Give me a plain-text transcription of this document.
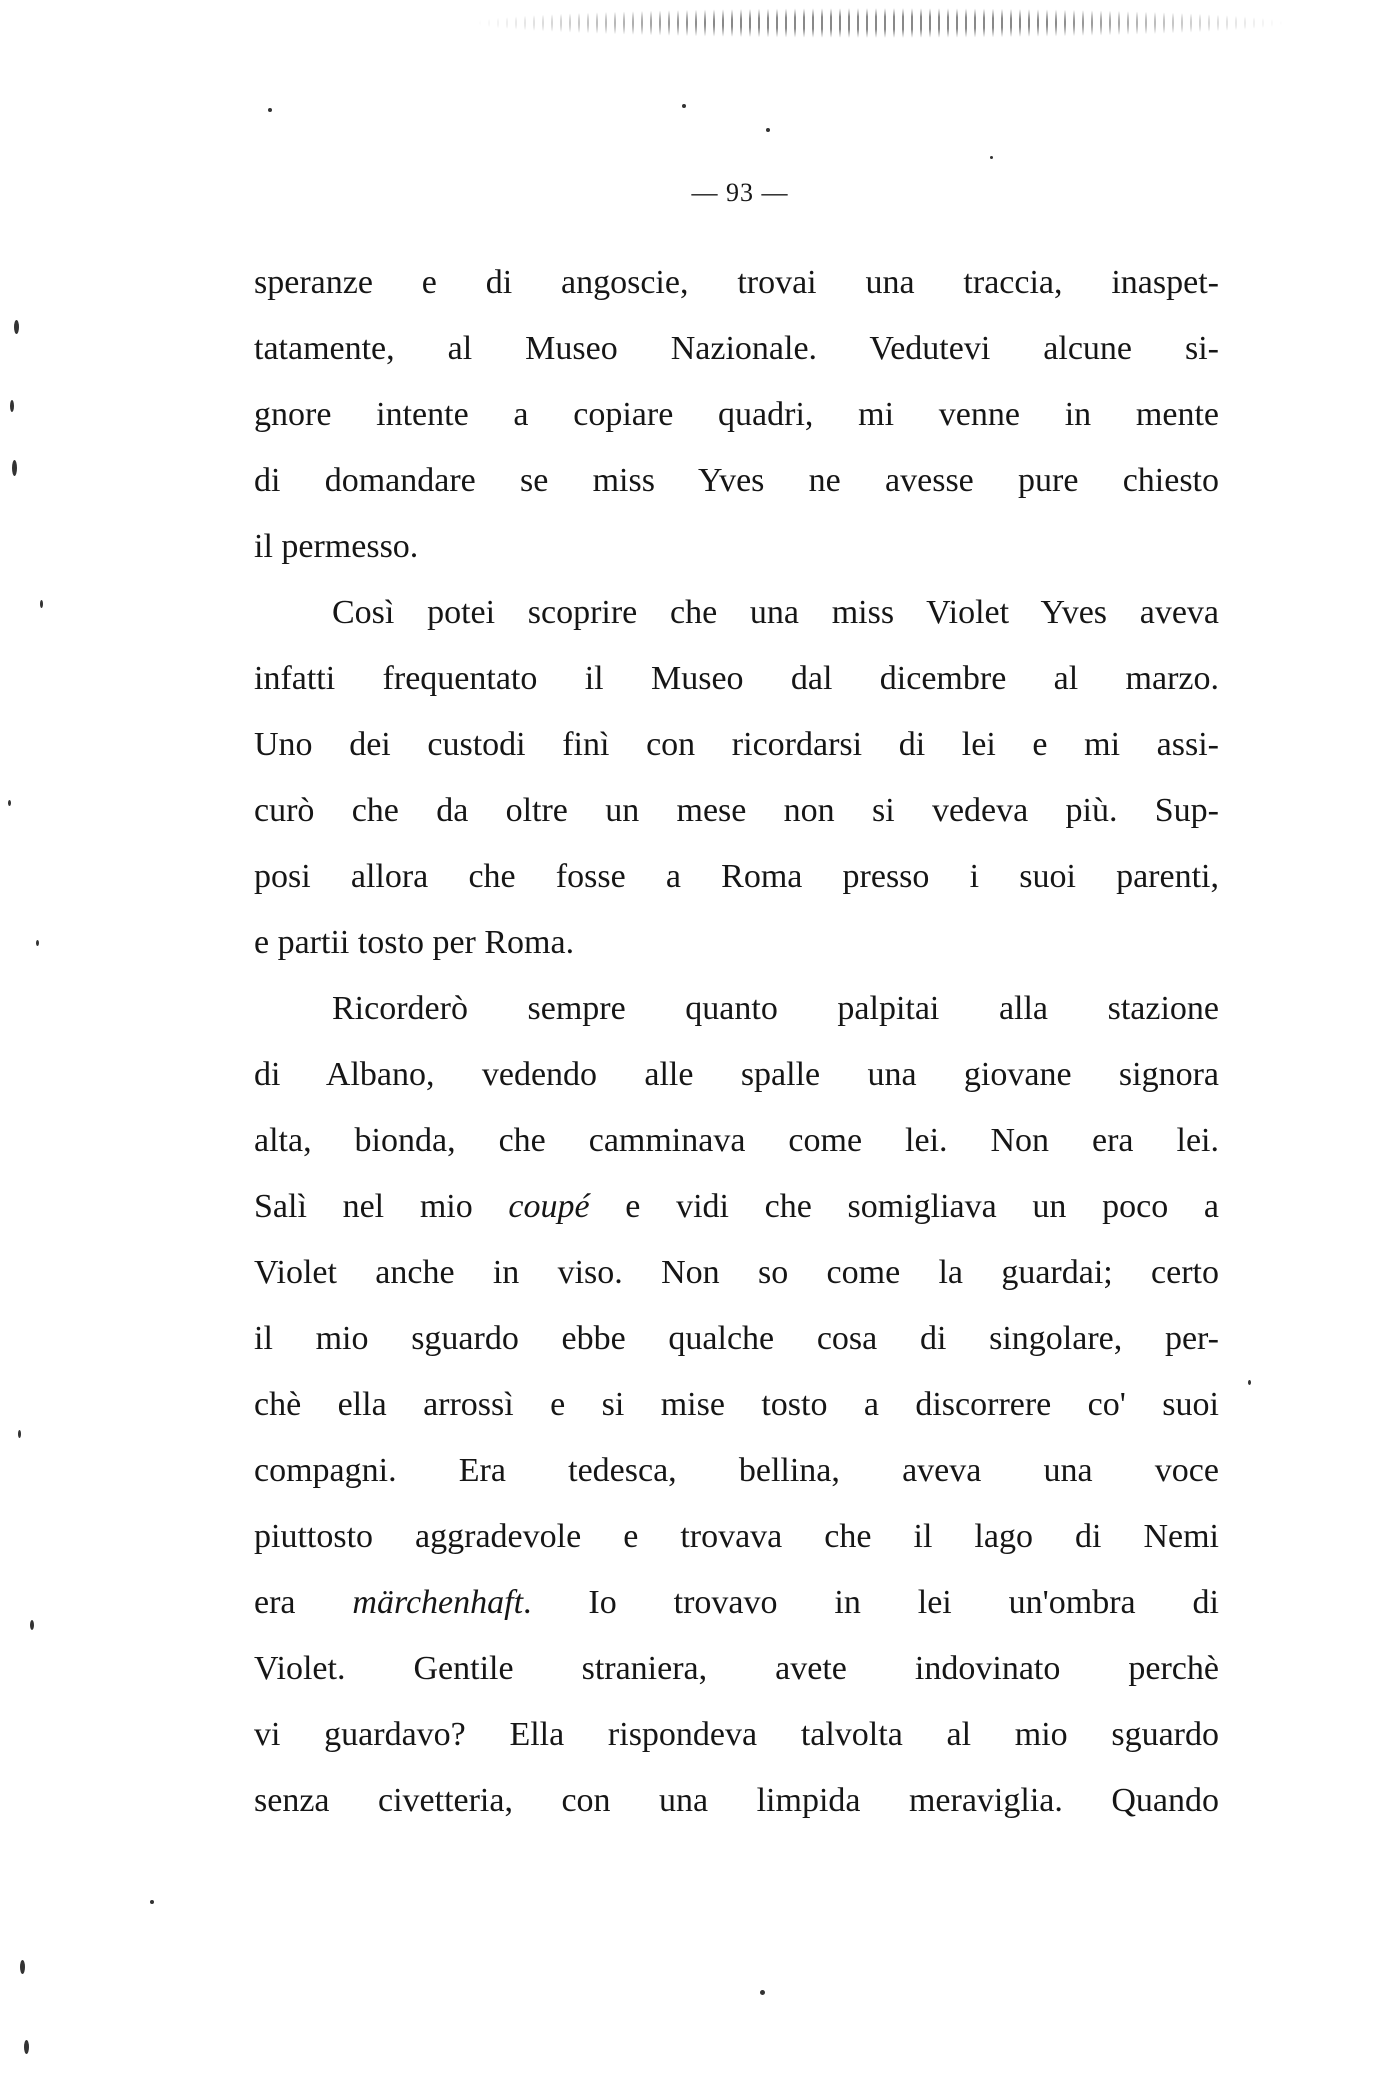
— 93 —
speranze e di angoscie, trovai una traccia, inaspet-
tatamente, al Museo Nazionale. Vedutevi alcune si-
gnore intente a copiare quadri, mi venne in mente
di domandare se miss Yves ne avesse pure chiesto
il permesso.
Così potei scoprire che una miss Violet Yves aveva
infatti frequentato il Museo dal dicembre al marzo.
Uno dei custodi finì con ricordarsi di lei e mi assi-
curò che da oltre un mese non si vedeva più. Sup-
posi allora che fosse a Roma presso i suoi parenti,
e partii tosto per Roma.
Ricorderò sempre quanto palpitai alla stazione
di Albano, vedendo alle spalle una giovane signora
alta, bionda, che camminava come lei. Non era lei.
Salì nel mio coupé e vidi che somigliava un poco a
Violet anche in viso. Non so come la guardai; certo
il mio sguardo ebbe qualche cosa di singolare, per-
chè ella arrossì e si mise tosto a discorrere co' suoi
compagni. Era tedesca, bellina, aveva una voce
piuttosto aggradevole e trovava che il lago di Nemi
era märchenhaft. Io trovavo in lei un'ombra di
Violet. Gentile straniera, avete indovinato perchè
vi guardavo? Ella rispondeva talvolta al mio sguardo
senza civetteria, con una limpida meraviglia. Quando
